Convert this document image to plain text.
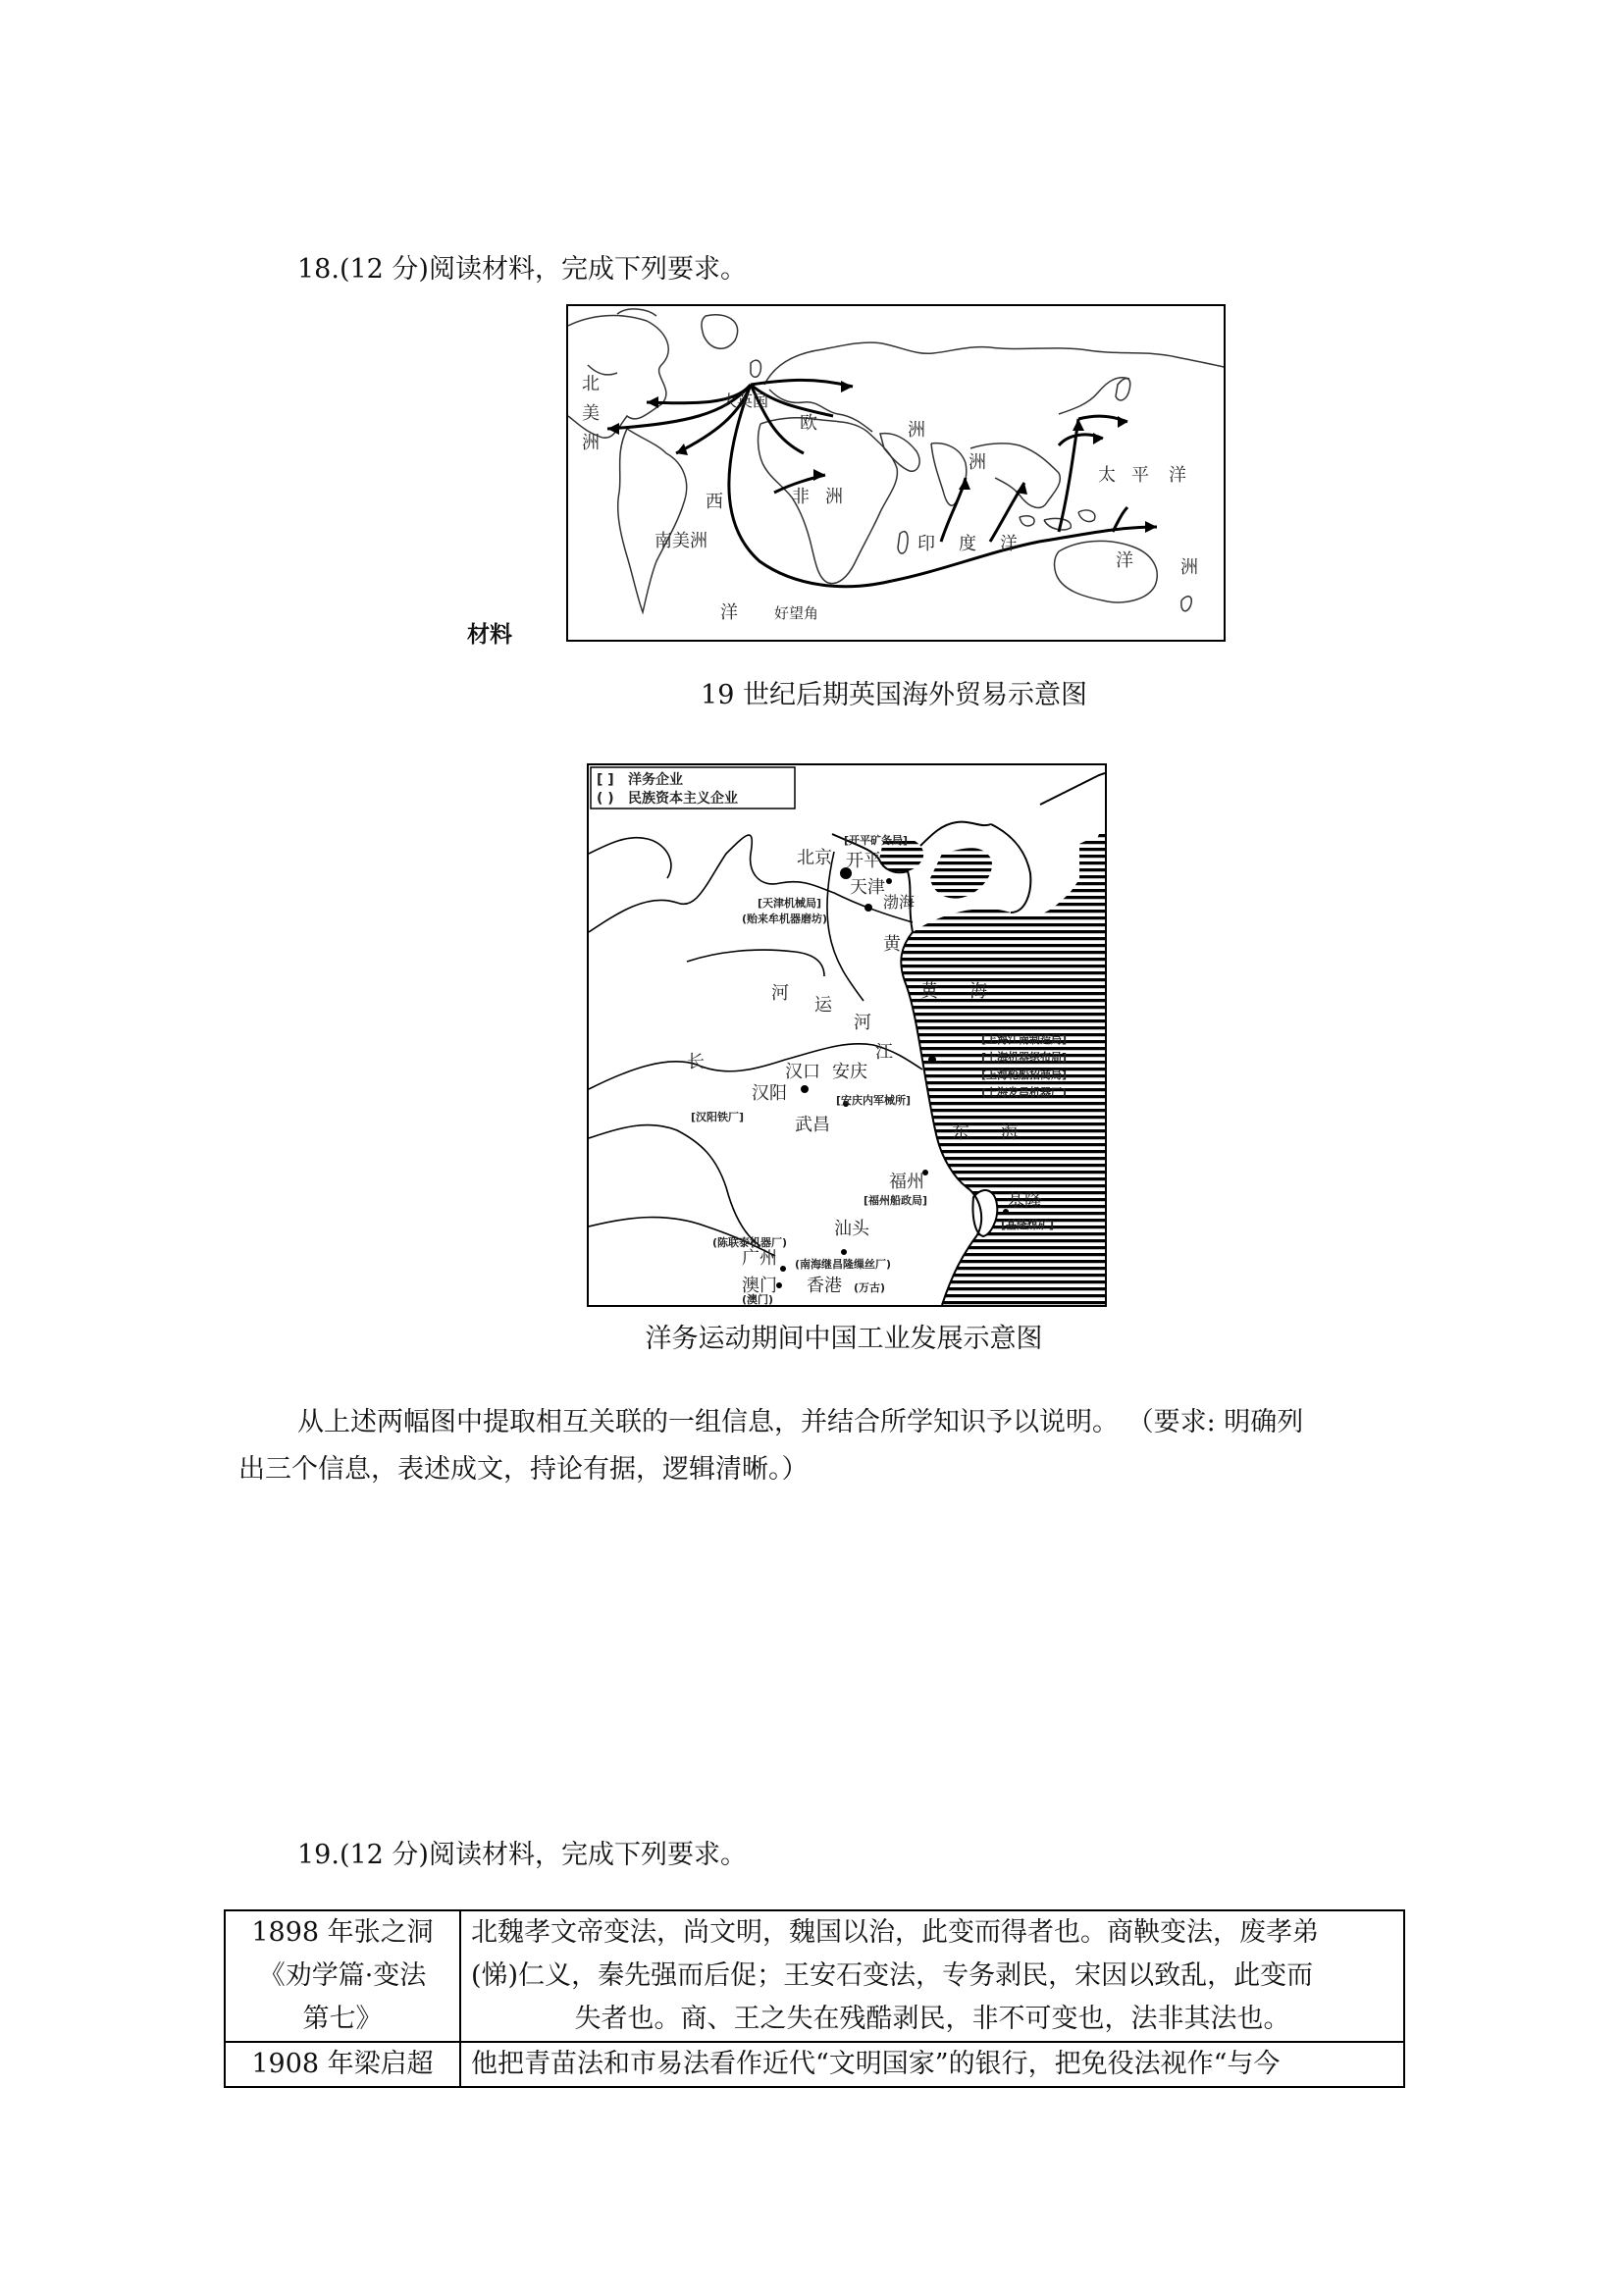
18.(12 分)阅读材料，完成下列要求。
材料
北
美
洲
大英国
欧	洲
洲
非 洲
西
洋
南美洲
好望角
印 度 洋
太 平 洋
洋	洲
19 世纪后期英国海外贸易示意图
[ ] 洋务企业
( ) 民族资本主义企业
北京 开平
天津
渤海
黄
河
运
河
黄 海
汉口 安庆
汉阳
武昌
长	江
东 海
福州
基隆
汕头
广州
澳门 香港
[开平矿务局]
[天津机械局]
(贻来牟机器磨坊)
[上海江南制造局]
[上海机器织布局]
[上海轮船招商局]
(上海发昌机器厂)
[汉阳铁厂]
[安庆内军械所]
[福州船政局]
[基隆煤矿]
(陈联泰机器厂)
(南海继昌隆缫丝厂)
(澳门)
(万古)
洋务运动期间中国工业发展示意图
从上述两幅图中提取相互关联的一组信息，并结合所学知识予以说明。 （要求: 明确列
出三个信息，表述成文，持论有据，逻辑清晰。）
19.(12 分)阅读材料，完成下列要求。
1898 年张之洞
《劝学篇·变法
第七》	北魏孝文帝变法，尚文明，魏国以治，此变而得者也。商鞅变法，废孝弟
(悌)仁义，秦先强而后促；王安石变法，专务剥民，宋因以致乱，此变而
失者也。商、王之失在残酷剥民，非不可变也，法非其法也。

1908 年梁启超	他把青苗法和市易法看作近代“文明国家”的银行，把免役法视作“与今
